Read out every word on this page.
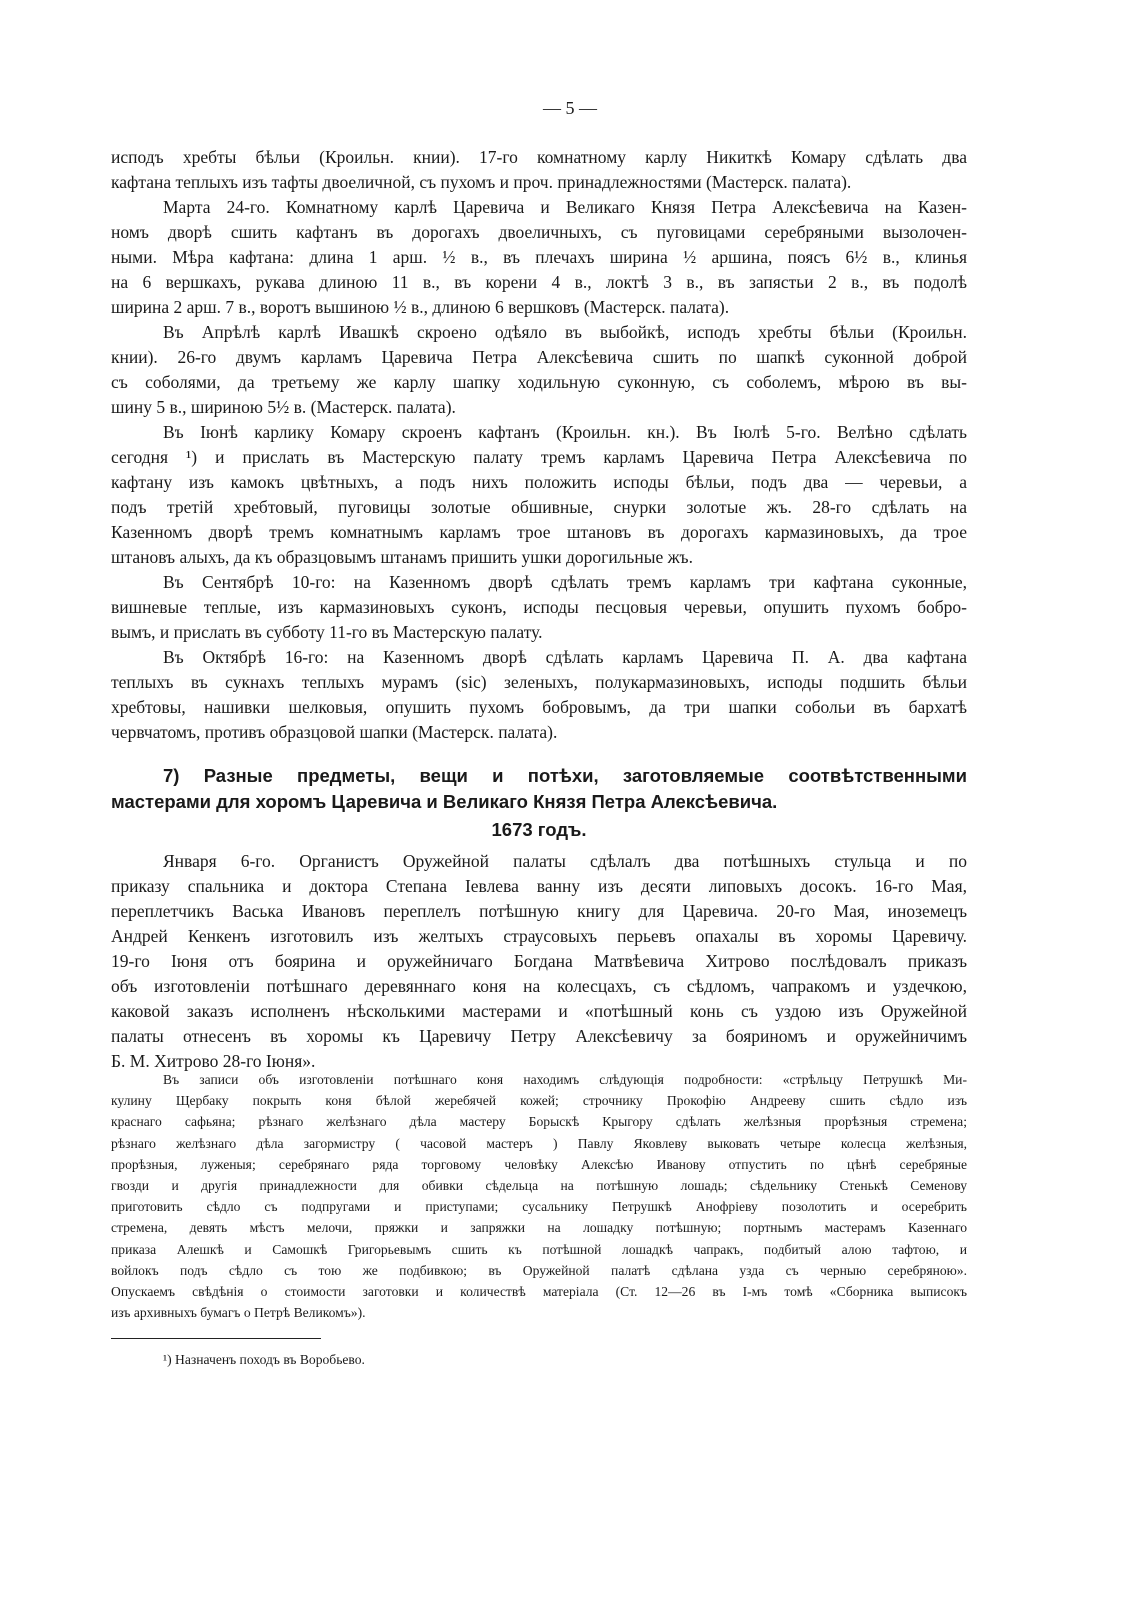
— 5 —
исподъ хребты бѣльи (Кроильн. книи). 17-го комнатному карлу Никиткѣ Комару сдѣлать два
кафтана теплыхъ изъ тафты двоеличной, съ пухомъ и проч. принадлежностями (Мастерск. палата).
Марта 24-го. Комнатному карлѣ Царевича и Великаго Князя Петра Алексѣевича на Казен-
номъ дворѣ сшить кафтанъ въ дорогахъ двоеличныхъ, съ пуговицами серебряными вызолочен-
ными. Мѣра кафтана: длина 1 арш. ½ в., въ плечахъ ширина ½ аршина, поясъ 6½ в., клинья
на 6 вершкахъ, рукава длиною 11 в., въ корени 4 в., локтѣ 3 в., въ запястьи 2 в., въ подолѣ
ширина 2 арш. 7 в., воротъ вышиною ½ в., длиною 6 вершковъ (Мастерск. палата).
Въ Апрѣлѣ карлѣ Ивашкѣ скроено одѣяло въ выбойкѣ, исподъ хребты бѣльи (Кроильн.
книи). 26-го двумъ карламъ Царевича Петра Алексѣевича сшить по шапкѣ суконной доброй
съ соболями, да третьему же карлу шапку ходильную суконную, съ соболемъ, мѣрою въ вы-
шину 5 в., шириною 5½ в. (Мастерск. палата).
Въ Іюнѣ карлику Комару скроенъ кафтанъ (Кроильн. кн.). Въ Іюлѣ 5-го. Велѣно сдѣлать
сегодня ¹) и прислать въ Мастерскую палату тремъ карламъ Царевича Петра Алексѣевича по
кафтану изъ камокъ цвѣтныхъ, а подъ нихъ положить исподы бѣльи, подъ два — черевьи, а
подъ третій хребтовый, пуговицы золотые обшивные, снурки золотые жъ. 28-го сдѣлать на
Казенномъ дворѣ тремъ комнатнымъ карламъ трое штановъ въ дорогахъ кармазиновыхъ, да трое
штановъ алыхъ, да къ образцовымъ штанамъ пришить ушки дорогильные жъ.
Въ Сентябрѣ 10-го: на Казенномъ дворѣ сдѣлать тремъ карламъ три кафтана суконные,
вишневые теплые, изъ кармазиновыхъ суконъ, исподы песцовыя черевьи, опушить пухомъ бобро-
вымъ, и прислать въ субботу 11-го въ Мастерскую палату.
Въ Октябрѣ 16-го: на Казенномъ дворѣ сдѣлать карламъ Царевича П. А. два кафтана
теплыхъ въ сукнахъ теплыхъ мурамъ (sic) зеленыхъ, полукармазиновыхъ, исподы подшить бѣльи
хребтовы, нашивки шелковыя, опушить пухомъ бобровымъ, да три шапки собольи въ бархатѣ
червчатомъ, противъ образцовой шапки (Мастерск. палата).
7) Разные предметы, вещи и потѣхи, заготовляемые соотвѣтственными
мастерами для хоромъ Царевича и Великаго Князя Петра Алексѣевича.
1673 годъ.
Января 6-го. Органистъ Оружейной палаты сдѣлалъ два потѣшныхъ стульца и по
приказу спальника и доктора Степана Іевлева ванну изъ десяти липовыхъ досокъ. 16-го Мая,
переплетчикъ Васька Ивановъ переплелъ потѣшную книгу для Царевича. 20-го Мая, иноземецъ
Андрей Кенкенъ изготовилъ изъ желтыхъ страусовыхъ перьевъ опахалы въ хоромы Царевичу.
19-го Іюня отъ боярина и оружейничаго Богдана Матвѣевича Хитрово послѣдовалъ приказъ
объ изготовленіи потѣшнаго деревяннаго коня на колесцахъ, съ сѣдломъ, чапракомъ и уздечкою,
каковой заказъ исполненъ нѣсколькими мастерами и «потѣшный конь съ уздою изъ Оружейной
палаты отнесенъ въ хоромы къ Царевичу Петру Алексѣевичу за бояриномъ и оружейничимъ
Б. М. Хитрово 28-го Іюня».
Въ записи объ изготовленіи потѣшнаго коня находимъ слѣдующія подробности: «стрѣльцу Петрушкѣ Ми-
кулину Щербаку покрыть коня бѣлой жеребячей кожей; строчнику Прокофію Андрееву сшить сѣдло изъ
краснаго сафьяна; рѣзнаго желѣзнаго дѣла мастеру Борыскѣ Крыгору сдѣлать желѣзныя прорѣзныя стремена;
рѣзнаго желѣзнаго дѣла загормистру ( часовой мастеръ ) Павлу Яковлеву выковать четыре колесца желѣзныя,
прорѣзныя, луженыя; серебрянаго ряда торговому человѣку Алексѣю Иванову отпустить по цѣнѣ серебряные
гвозди и другія принадлежности для обивки сѣдельца на потѣшную лошадь; сѣдельнику Стенькѣ Семенову
приготовить сѣдло съ подпругами и приступами; сусальнику Петрушкѣ Анофріеву позолотить и осеребрить
стремена, девять мѣстъ мелочи, пряжки и запряжки на лошадку потѣшную; портнымъ мастерамъ Казеннаго
приказа Алешкѣ и Самошкѣ Григорьевымъ сшить къ потѣшной лошадкѣ чапракъ, подбитый алою тафтою, и
войлокъ подъ сѣдло съ тою же подбивкою; въ Оружейной палатѣ сдѣлана узда съ черныю серебряною».
Опускаемъ свѣдѣнія о стоимости заготовки и количествѣ матеріала (Ст. 12—26 въ I-мъ томѣ «Сборника выписокъ
изъ архивныхъ бумагъ о Петрѣ Великомъ»).
¹) Назначенъ походъ въ Воробьево.
